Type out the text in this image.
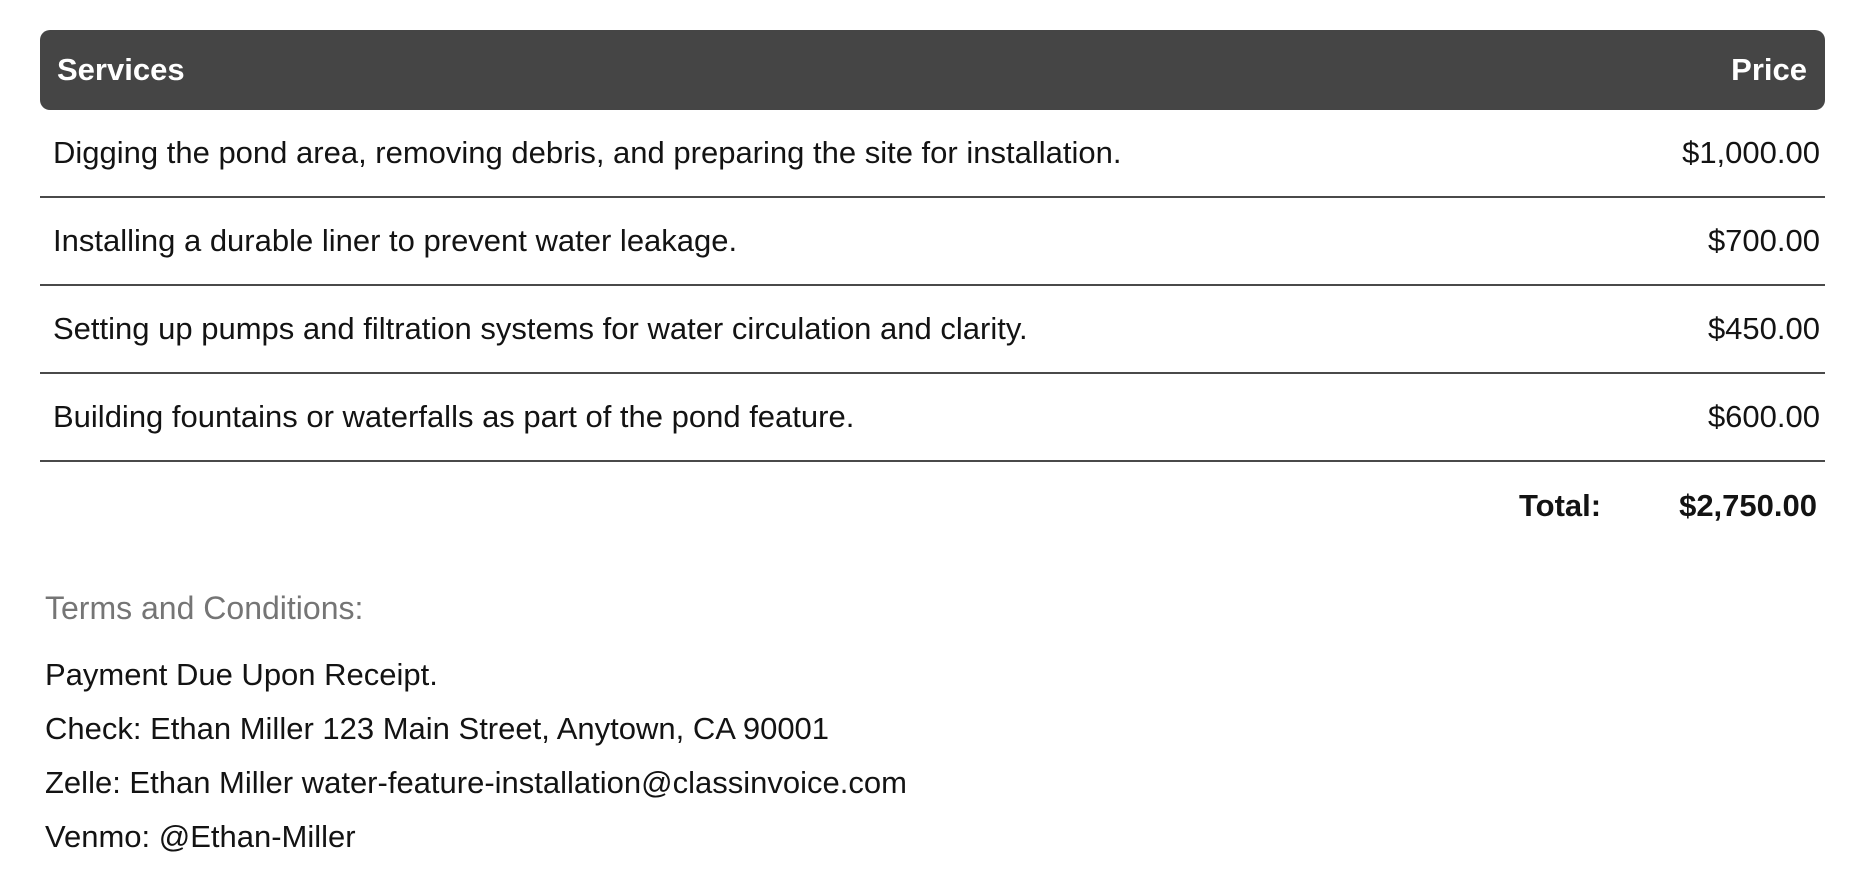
Services	Price
Digging the pond area, removing debris, and preparing the site for installation.	$1,000.00
Installing a durable liner to prevent water leakage.	$700.00
Setting up pumps and filtration systems for water circulation and clarity.	$450.00
Building fountains or waterfalls as part of the pond feature.	$600.00
Total:	$2,750.00
Terms and Conditions:
Payment Due Upon Receipt.
Check: Ethan Miller 123 Main Street, Anytown, CA 90001
Zelle: Ethan Miller water-feature-installation@classinvoice.com
Venmo: @Ethan-Miller
